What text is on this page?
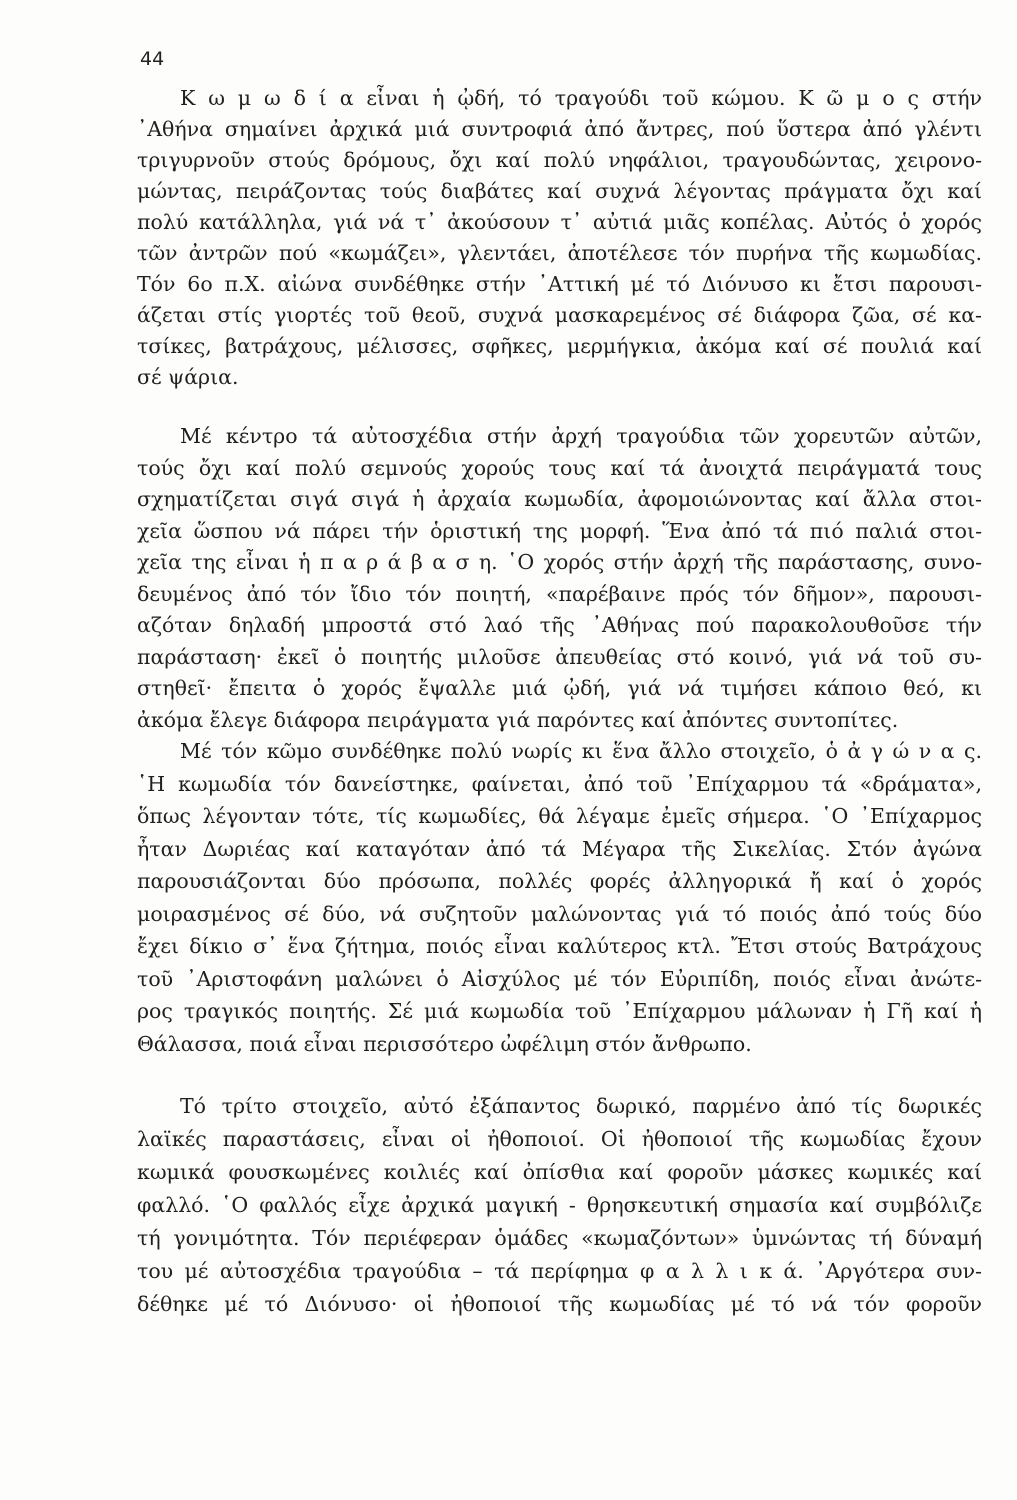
44
Κ ω μ ω δ ί α εἶναι ἡ ᾠδή, τό τραγούδι τοῦ κώμου. Κ ῶ μ ο ς στήν
᾿Αθήνα σημαίνει ἀρχικά μιά συντροφιά ἀπό ἄντρες, πού ὕστερα ἀπό γλέντι
τριγυρνοῦν στούς δρόμους, ὄχι καί πολύ νηφάλιοι, τραγουδώντας, χειρονο-
μώντας, πειράζοντας τούς διαβάτες καί συχνά λέγοντας πράγματα ὄχι καί
πολύ κατάλληλα, γιά νά τ᾿ ἀκούσουν τ᾿ αὐτιά μιᾶς κοπέλας. Αὐτός ὁ χορός
τῶν ἀντρῶν πού «κωμάζει», γλεντάει, ἀποτέλεσε τόν πυρήνα τῆς κωμωδίας.
Τόν 6ο π.Χ. αἰώνα συνδέθηκε στήν ᾿Αττική μέ τό Διόνυσο κι ἔτσι παρουσι-
άζεται στίς γιορτές τοῦ θεοῦ, συχνά μασκαρεμένος σέ διάφορα ζῶα, σέ κα-
τσίκες, βατράχους, μέλισσες, σφῆκες, μερμήγκια, ἀκόμα καί σέ πουλιά καί
σέ ψάρια.
Μέ κέντρο τά αὐτοσχέδια στήν ἀρχή τραγούδια τῶν χορευτῶν αὐτῶν,
τούς ὄχι καί πολύ σεμνούς χορούς τους καί τά ἀνοιχτά πειράγματά τους
σχηματίζεται σιγά σιγά ἡ ἀρχαία κωμωδία, ἀφομοιώνοντας καί ἄλλα στοι-
χεῖα ὥσπου νά πάρει τήν ὁριστική της μορφή. Ἕνα ἀπό τά πιό παλιά στοι-
χεῖα της εἶναι ἡ π α ρ ά β α σ η. ῾Ο χορός στήν ἀρχή τῆς παράστασης, συνο-
δευμένος ἀπό τόν ἴδιο τόν ποιητή, «παρέβαινε πρός τόν δῆμον», παρουσι-
αζόταν δηλαδή μπροστά στό λαό τῆς ᾿Αθήνας πού παρακολουθοῦσε τήν
παράσταση· ἐκεῖ ὁ ποιητής μιλοῦσε ἀπευθείας στό κοινό, γιά νά τοῦ συ-
στηθεῖ· ἔπειτα ὁ χορός ἔψαλλε μιά ᾠδή, γιά νά τιμήσει κάποιο θεό, κι
ἀκόμα ἔλεγε διάφορα πειράγματα γιά παρόντες καί ἀπόντες συντοπίτες.
Μέ τόν κῶμο συνδέθηκε πολύ νωρίς κι ἕνα ἄλλο στοιχεῖο, ὁ ἀ γ ώ ν α ς.
῾Η κωμωδία τόν δανείστηκε, φαίνεται, ἀπό τοῦ ᾿Επίχαρμου τά «δράματα»,
ὅπως λέγονταν τότε, τίς κωμωδίες, θά λέγαμε ἐμεῖς σήμερα. ῾Ο ᾿Επίχαρμος
ἦταν Δωριέας καί καταγόταν ἀπό τά Μέγαρα τῆς Σικελίας. Στόν ἀγώνα
παρουσιάζονται δύο πρόσωπα, πολλές φορές ἀλληγορικά ἤ καί ὁ χορός
μοιρασμένος σέ δύο, νά συζητοῦν μαλώνοντας γιά τό ποιός ἀπό τούς δύο
ἔχει δίκιο σ᾿ ἕνα ζήτημα, ποιός εἶναι καλύτερος κτλ. Ἔτσι στούς Βατράχους
τοῦ ᾿Αριστοφάνη μαλώνει ὁ Αἰσχύλος μέ τόν Εὐριπίδη, ποιός εἶναι ἀνώτε-
ρος τραγικός ποιητής. Σέ μιά κωμωδία τοῦ ᾿Επίχαρμου μάλωναν ἡ Γῆ καί ἡ
Θάλασσα, ποιά εἶναι περισσότερο ὠφέλιμη στόν ἄνθρωπο.
Τό τρίτο στοιχεῖο, αὐτό ἐξάπαντος δωρικό, παρμένο ἀπό τίς δωρικές
λαϊκές παραστάσεις, εἶναι οἱ ἠθοποιοί. Οἱ ἠθοποιοί τῆς κωμωδίας ἔχουν
κωμικά φουσκωμένες κοιλιές καί ὀπίσθια καί φοροῦν μάσκες κωμικές καί
φαλλό. ῾Ο φαλλός εἶχε ἀρχικά μαγική - θρησκευτική σημασία καί συμβόλιζε
τή γονιμότητα. Τόν περιέφεραν ὁμάδες «κωμαζόντων» ὑμνώντας τή δύναμή
του μέ αὐτοσχέδια τραγούδια – τά περίφημα φ α λ λ ι κ ά. ᾿Αργότερα συν-
δέθηκε μέ τό Διόνυσο· οἱ ἠθοποιοί τῆς κωμωδίας μέ τό νά τόν φοροῦν
